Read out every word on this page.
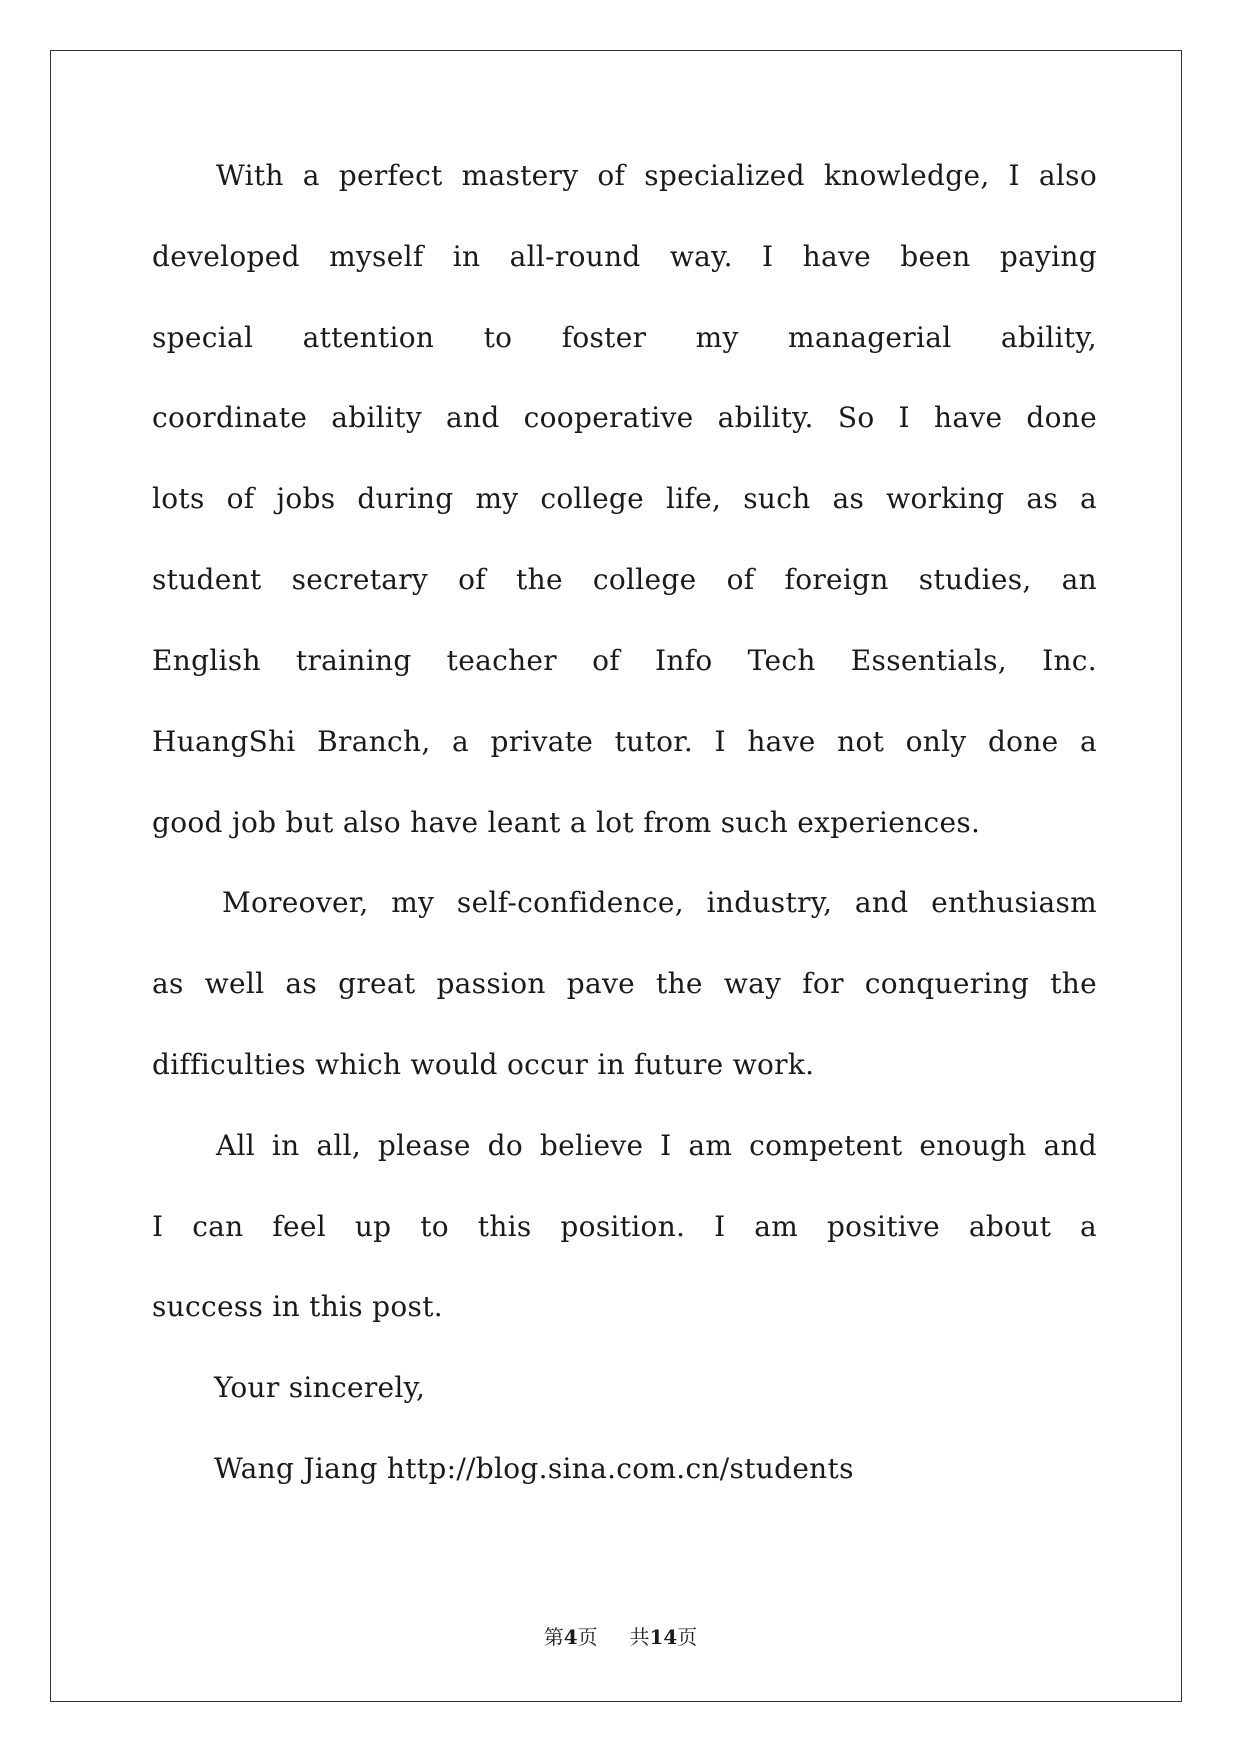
With a perfect mastery of specialized knowledge, I also
developed myself in all-round way. I have been paying
special attention to foster my managerial ability,
coordinate ability and cooperative ability. So I have done
lots of jobs during my college life, such as working as a
student secretary of the college of foreign studies, an
English training teacher of Info Tech Essentials, Inc.
HuangShi Branch, a private tutor. I have not only done a
good job but also have leant a lot from such experiences.
Moreover, my self-confidence, industry, and enthusiasm
as well as great passion pave the way for conquering the
difficulties which would occur in future work.
All in all, please do believe I am competent enough and
I can feel up to this position. I am positive about a
success in this post.
Your sincerely,
Wang Jiang http://blog.sina.com.cn/students
第4页 共14页
